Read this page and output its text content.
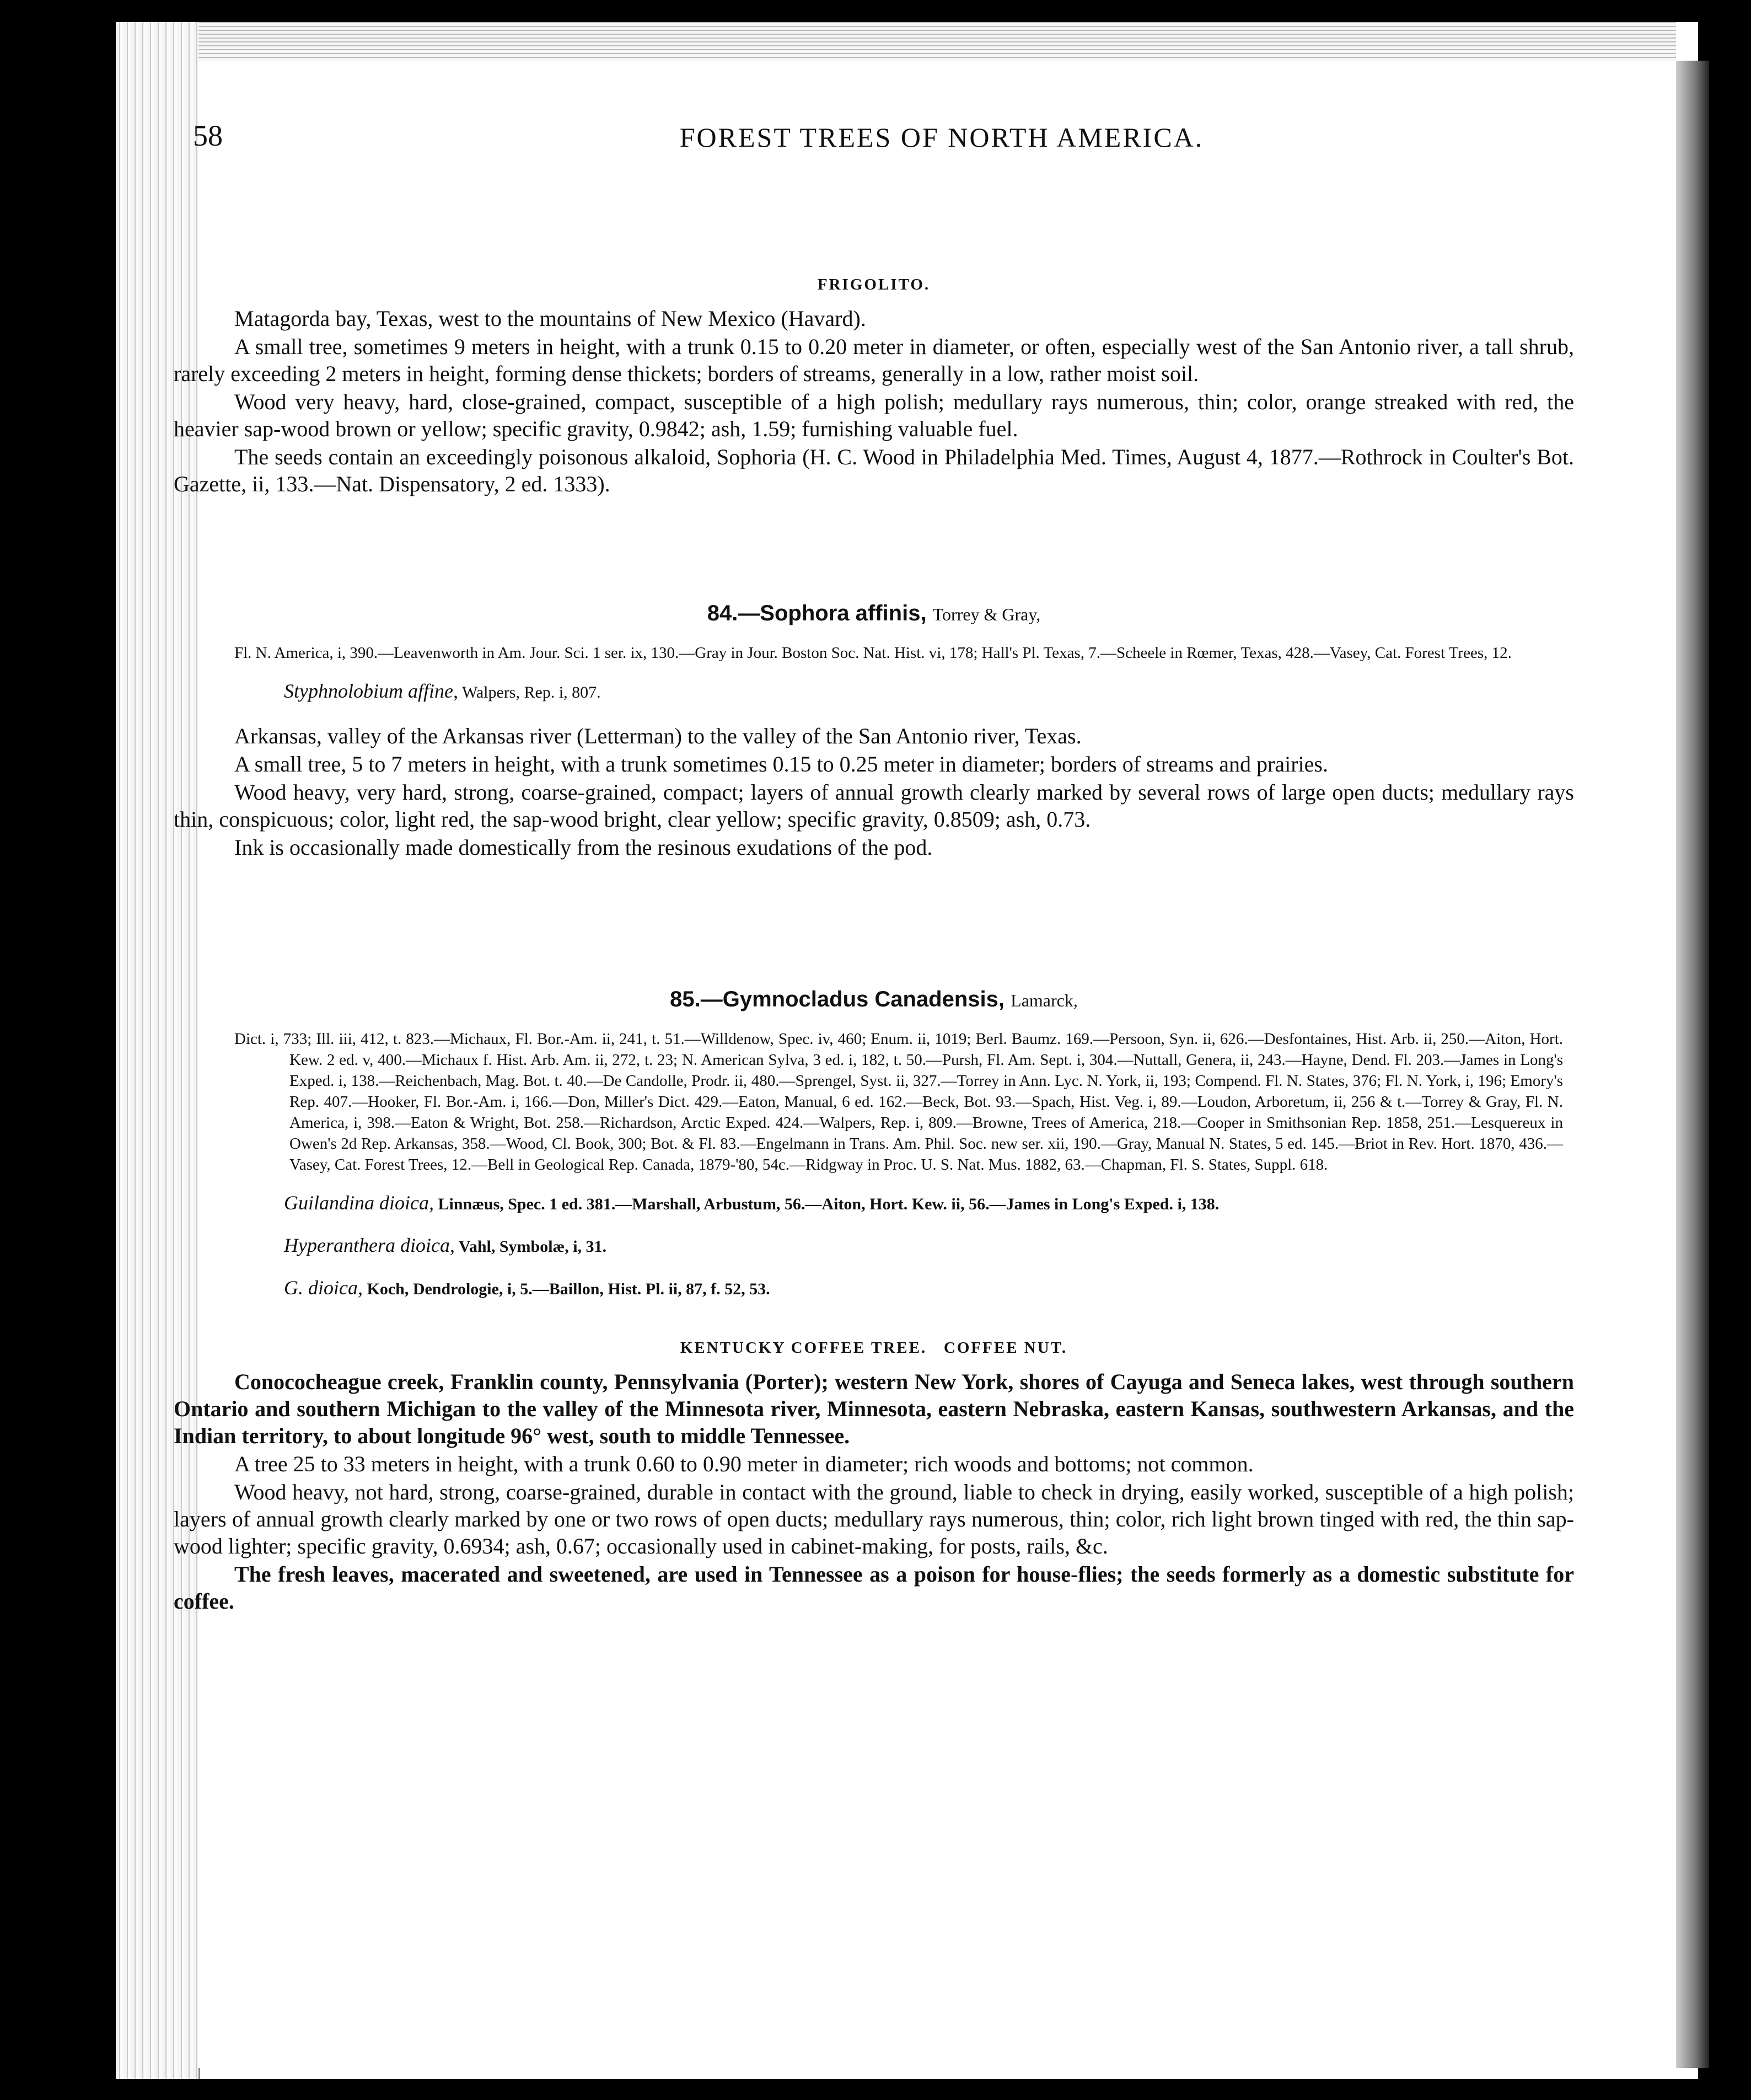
58	FOREST TREES OF NORTH AMERICA.
FRIGOLITO.

Matagorda bay, Texas, west to the mountains of New Mexico (Havard).

A small tree, sometimes 9 meters in height, with a trunk 0.15 to 0.20 meter in diameter, or often, especially west of the San Antonio river, a tall shrub, rarely exceeding 2 meters in height, forming dense thickets; borders of streams, generally in a low, rather moist soil.

Wood very heavy, hard, close-grained, compact, susceptible of a high polish; medullary rays numerous, thin; color, orange streaked with red, the heavier sap-wood brown or yellow; specific gravity, 0.9842; ash, 1.59; furnishing valuable fuel.

The seeds contain an exceedingly poisonous alkaloid, Sophoria (H. C. Wood in Philadelphia Med. Times, August 4, 1877.—Rothrock in Coulter's Bot. Gazette, ii, 133.—Nat. Dispensatory, 2 ed. 1333).

84.—Sophora affinis, Torrey & Gray,

Fl. N. America, i, 390.—Leavenworth in Am. Jour. Sci. 1 ser. ix, 130.—Gray in Jour. Boston Soc. Nat. Hist. vi, 178; Hall's Pl. Texas, 7.—Scheele in Rœmer, Texas, 428.—Vasey, Cat. Forest Trees, 12.

Styphnolobium affine, Walpers, Rep. i, 807.

Arkansas, valley of the Arkansas river (Letterman) to the valley of the San Antonio river, Texas.

A small tree, 5 to 7 meters in height, with a trunk sometimes 0.15 to 0.25 meter in diameter; borders of streams and prairies.

Wood heavy, very hard, strong, coarse-grained, compact; layers of annual growth clearly marked by several rows of large open ducts; medullary rays thin, conspicuous; color, light red, the sap-wood bright, clear yellow; specific gravity, 0.8509; ash, 0.73.

Ink is occasionally made domestically from the resinous exudations of the pod.

85.—Gymnocladus Canadensis, Lamarck,

Dict. i, 733; Ill. iii, 412, t. 823.—Michaux, Fl. Bor.-Am. ii, 241, t. 51.—Willdenow, Spec. iv, 460; Enum. ii, 1019; Berl. Baumz. 169.—Persoon, Syn. ii, 626.—Desfontaines, Hist. Arb. ii, 250.—Aiton, Hort. Kew. 2 ed. v, 400.—Michaux f. Hist. Arb. Am. ii, 272, t. 23; N. American Sylva, 3 ed. i, 182, t. 50.—Pursh, Fl. Am. Sept. i, 304.—Nuttall, Genera, ii, 243.—Hayne, Dend. Fl. 203.—James in Long's Exped. i, 138.—Reichenbach, Mag. Bot. t. 40.—De Candolle, Prodr. ii, 480.—Sprengel, Syst. ii, 327.—Torrey in Ann. Lyc. N. York, ii, 193; Compend. Fl. N. States, 376; Fl. N. York, i, 196; Emory's Rep. 407.—Hooker, Fl. Bor.-Am. i, 166.—Don, Miller's Dict. 429.—Eaton, Manual, 6 ed. 162.—Beck, Bot. 93.—Spach, Hist. Veg. i, 89.—Loudon, Arboretum, ii, 256 & t.—Torrey & Gray, Fl. N. America, i, 398.—Eaton & Wright, Bot. 258.—Richardson, Arctic Exped. 424.—Walpers, Rep. i, 809.—Browne, Trees of America, 218.—Cooper in Smithsonian Rep. 1858, 251.—Lesquereux in Owen's 2d Rep. Arkansas, 358.—Wood, Cl. Book, 300; Bot. & Fl. 83.—Engelmann in Trans. Am. Phil. Soc. new ser. xii, 190.—Gray, Manual N. States, 5 ed. 145.—Briot in Rev. Hort. 1870, 436.—Vasey, Cat. Forest Trees, 12.—Bell in Geological Rep. Canada, 1879-'80, 54c.—Ridgway in Proc. U. S. Nat. Mus. 1882, 63.—Chapman, Fl. S. States, Suppl. 618.

Guilandina dioica, Linnæus, Spec. 1 ed. 381.—Marshall, Arbustum, 56.—Aiton, Hort. Kew. ii, 56.—James in Long's Exped. i, 138.

Hyperanthera dioica, Vahl, Symbolæ, i, 31.

G. dioica, Koch, Dendrologie, i, 5.—Baillon, Hist. Pl. ii, 87, f. 52, 53.

KENTUCKY COFFEE TREE.   COFFEE NUT.

Conococheague creek, Franklin county, Pennsylvania (Porter); western New York, shores of Cayuga and Seneca lakes, west through southern Ontario and southern Michigan to the valley of the Minnesota river, Minnesota, eastern Nebraska, eastern Kansas, southwestern Arkansas, and the Indian territory, to about longitude 96° west, south to middle Tennessee.

A tree 25 to 33 meters in height, with a trunk 0.60 to 0.90 meter in diameter; rich woods and bottoms; not common.

Wood heavy, not hard, strong, coarse-grained, durable in contact with the ground, liable to check in drying, easily worked, susceptible of a high polish; layers of annual growth clearly marked by one or two rows of open ducts; medullary rays numerous, thin; color, rich light brown tinged with red, the thin sap-wood lighter; specific gravity, 0.6934; ash, 0.67; occasionally used in cabinet-making, for posts, rails, &c.

The fresh leaves, macerated and sweetened, are used in Tennessee as a poison for house-flies; the seeds formerly as a domestic substitute for coffee.
